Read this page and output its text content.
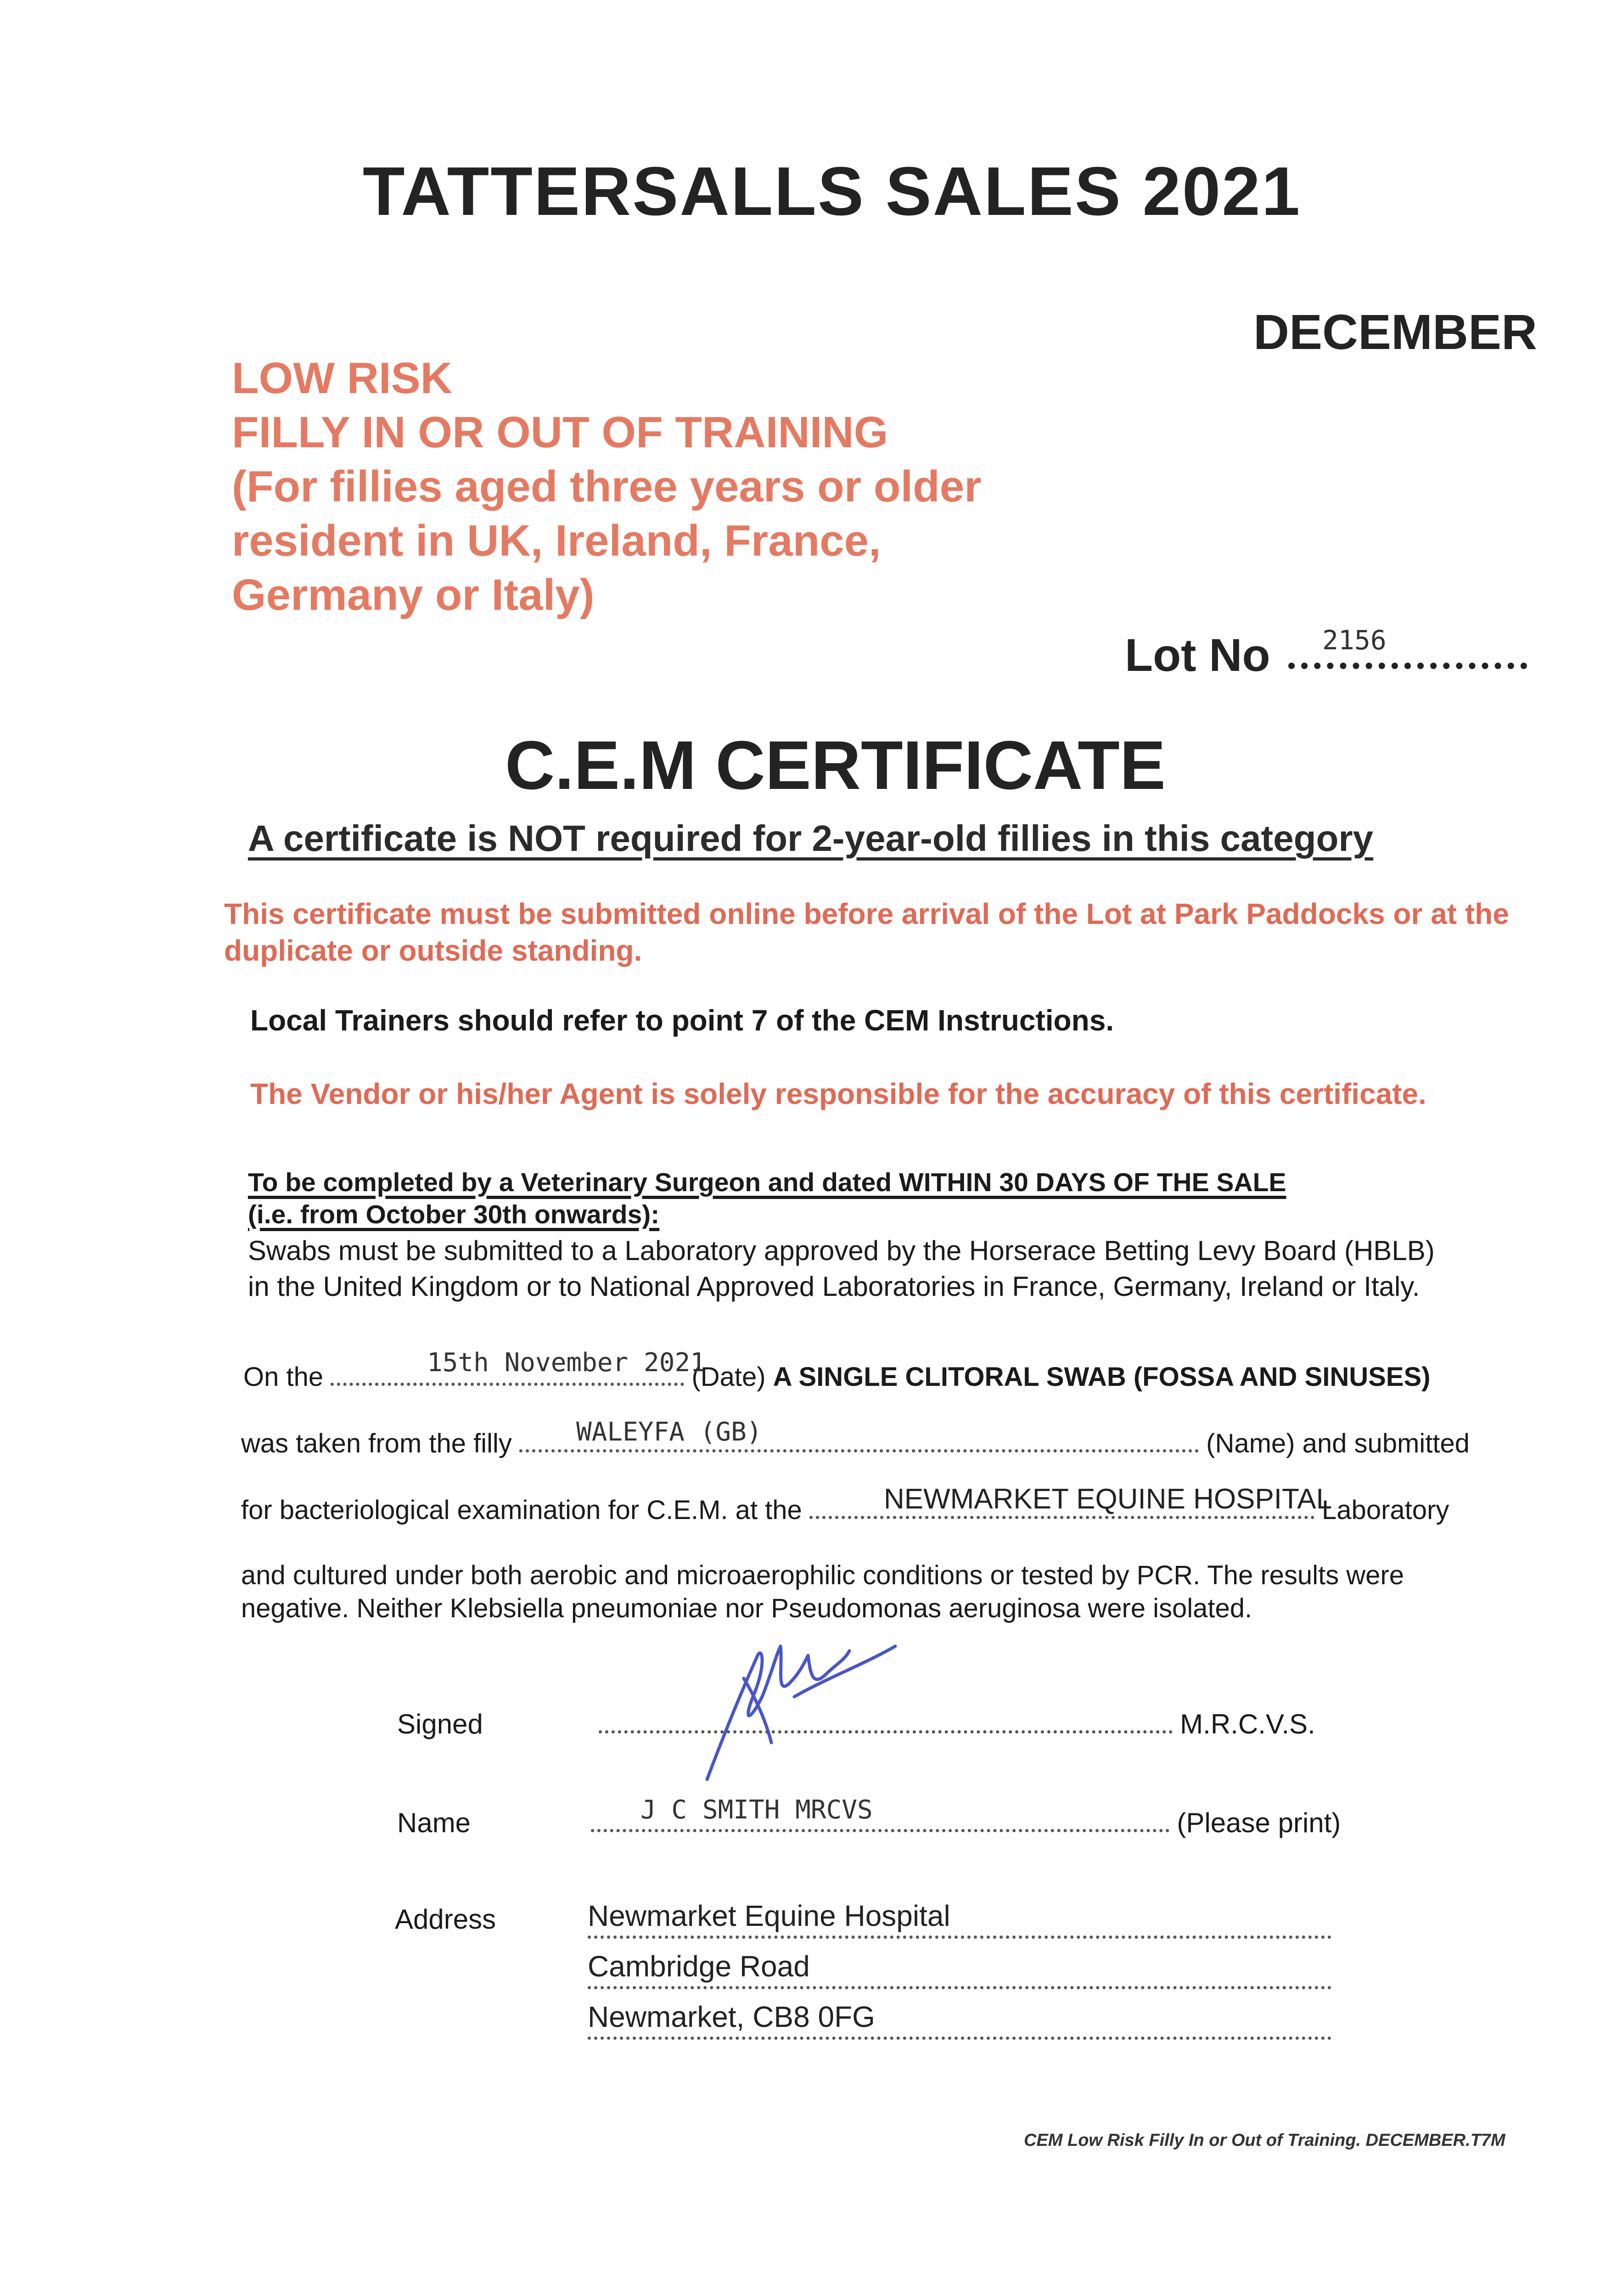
TATTERSALLS SALES 2021
DECEMBER
LOW RISK
FILLY IN OR OUT OF TRAINING
(For fillies aged three years or older
resident in UK, Ireland, France,
Germany or Italy)
Lot No 2156
C.E.M CERTIFICATE
A certificate is NOT required for 2-year-old fillies in this category
This certificate must be submitted online before arrival of the Lot at Park Paddocks or at the duplicate or outside standing.
Local Trainers should refer to point 7 of the CEM Instructions.
The Vendor or his/her Agent is solely responsible for the accuracy of this certificate.
To be completed by a Veterinary Surgeon and dated WITHIN 30 DAYS OF THE SALE
(i.e. from October 30th onwards):
Swabs must be submitted to a Laboratory approved by the Horserace Betting Levy Board (HBLB)
in the United Kingdom or to National Approved Laboratories in France, Germany, Ireland or Italy.
On the	(Date) A SINGLE CLITORAL SWAB (FOSSA AND SINUSES)
15th November 2021
was taken from the filly	(Name) and submitted
WALEYFA (GB)
for bacteriological examination for C.E.M. at the	Laboratory
NEWMARKET EQUINE HOSPITAL
and cultured under both aerobic and microaerophilic conditions or tested by PCR. The results were
negative. Neither Klebsiella pneumoniae nor Pseudomonas aeruginosa were isolated.
Signed	M.R.C.V.S.
Name	(Please print)
J C SMITH MRCVS
Address	Newmarket Equine Hospital
Cambridge Road
Newmarket, CB8 0FG
CEM Low Risk Filly In or Out of Training. DECEMBER.T7M
